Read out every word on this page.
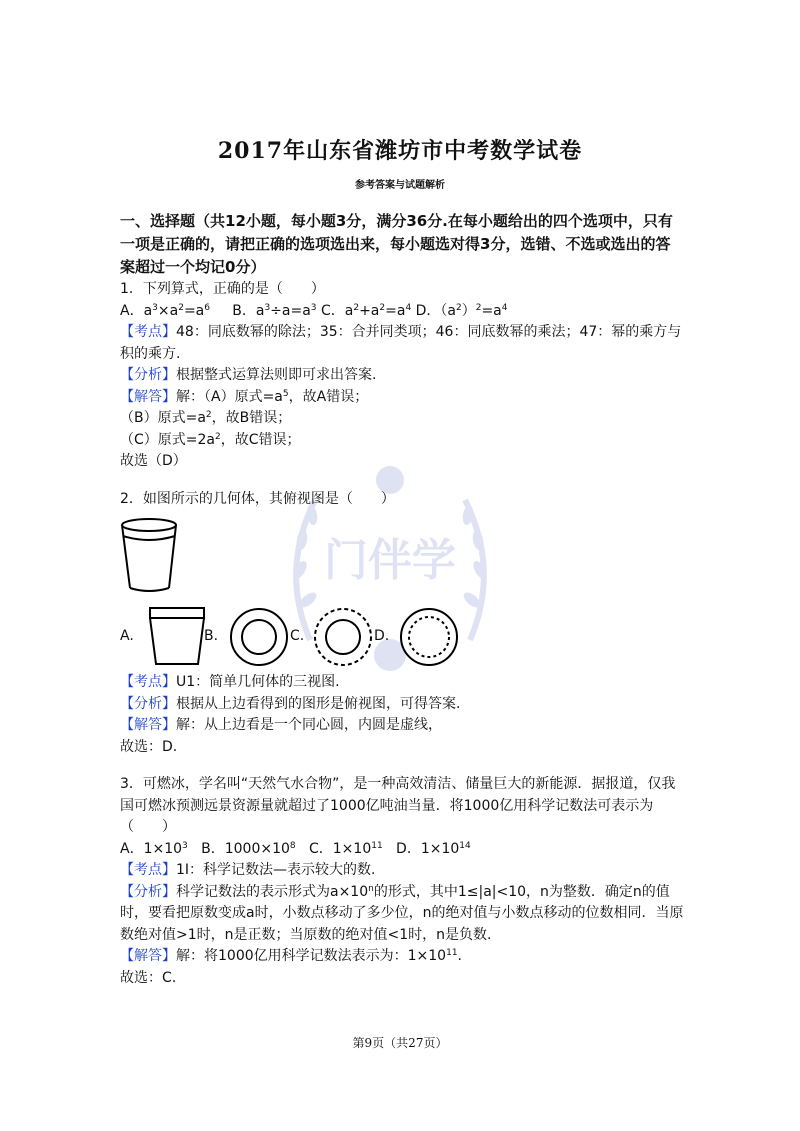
门伴学
2017年山东省潍坊市中考数学试卷
参考答案与试题解析

一、选择题（共12小题，每小题3分，满分36分.在每小题给出的四个选项中，只有一项是正确的，请把正确的选项选出来，每小题选对得3分，选错、不选或选出的答案超过一个均记0分）

1．下列算式，正确的是（　　）

A．$a^3\times a^2=a^6$ B．$a^3\div a=a^3$ C．$a^2+a^2=a^4$ D．$(a^2)^2=a^4$

【考点】48：同底数幂的除法；35：合并同类项；46：同底数幂的乘法；47：幂的乘方与积的乘方.

【分析】根据整式运算法则即可求出答案.

【解答】解：（A）原式$=a^5$，故A错误；

（B）原式$=a^2$，故B错误；

（C）原式$=2a^2$，故C错误；

故选（D）

2．如图所示的几何体，其俯视图是（　　）

A.	B.	C.	D.

【考点】U1：简单几何体的三视图.

【分析】根据从上边看得到的图形是俯视图，可得答案.

【解答】解：从上边看是一个同心圆，内圆是虚线，

故选：D.

3．可燃冰，学名叫“天然气水合物”，是一种高效清洁、储量巨大的新能源．据报道，仅我国可燃冰预测远景资源量就超过了1000亿吨油当量．将1000亿用科学记数法可表示为（　　）

A．$1\times 10^3$ B．$1000\times 10^8$ C．$1\times 10^{11}$ D．$1\times 10^{14}$

【考点】1I：科学记数法—表示较大的数.

【分析】科学记数法的表示形式为$a\times 10^n$的形式，其中1≤|a|<10，n为整数．确定n的值时，要看把原数变成a时，小数点移动了多少位，n的绝对值与小数点移动的位数相同．当原数绝对值>1时，n是正数；当原数的绝对值<1时，n是负数.

【解答】解：将1000亿用科学记数法表示为：$1\times 10^{11}$.

故选：C.

第9页（共27页）
